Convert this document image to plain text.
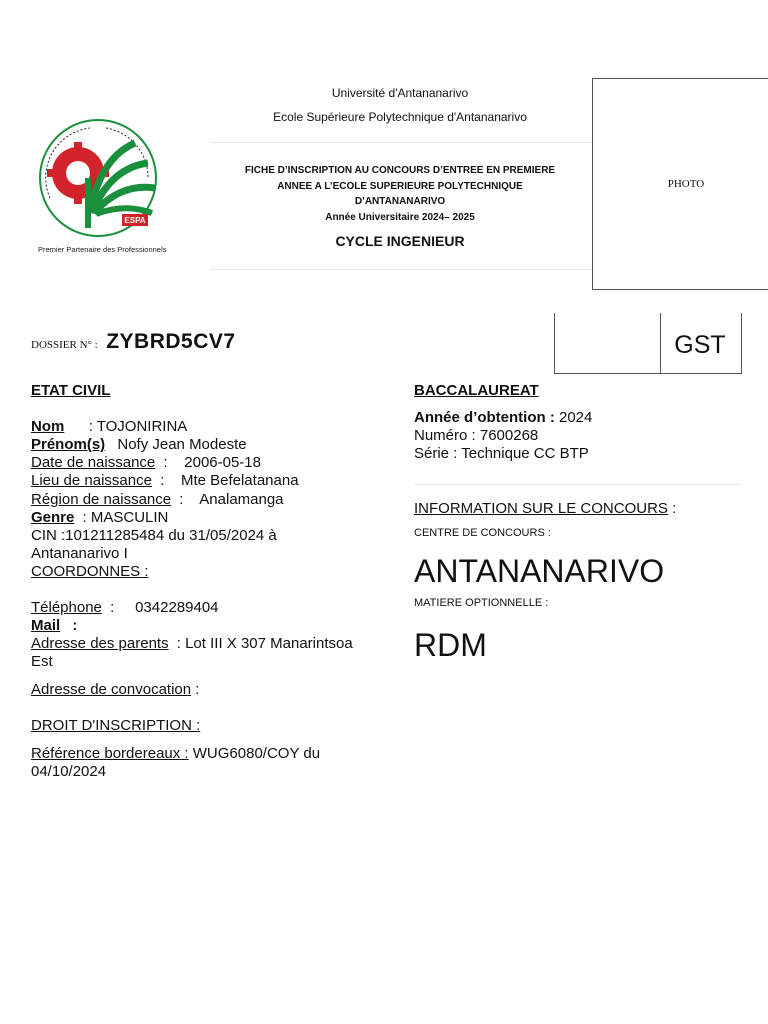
ESPA
Premier Partenaire des Professionnels
Université d'Antananarivo
Ecole Supérieure Polytechnique d'Antananarivo
FICHE D’INSCRIPTION AU CONCOURS D’ENTREE EN PREMIERE
ANNEE A L’ECOLE SUPERIEURE POLYTECHNIQUE
D’ANTANANARIVO
Année Universitaire 2024– 2025
CYCLE INGENIEUR
PHOTO
DOSSIER N° : ZYBRD5CV7	GST
ETAT CIVIL
Nom : TOJONIRINA
Prénom(s) Nofy Jean Modeste
Date de naissance :    2006-05-18
Lieu de naissance :    Mte Befelatanana
Région de naissance :    Analamanga
Genre : MASCULIN
CIN :101211285484 du 31/05/2024 à
Antananarivo I
COORDONNES :
Téléphone :     0342289404
Mail :
Adresse des parents : Lot III X 307 Manarintsoa
Est
Adresse de convocation :
DROIT D'INSCRIPTION :
Référence bordereaux : WUG6080/COY du
04/10/2024
BACCALAUREAT
Année d’obtention : 2024
Numéro : 7600268
Série : Technique CC BTP
INFORMATION SUR LE CONCOURS :
CENTRE DE CONCOURS :
ANTANANARIVO
MATIERE OPTIONNELLE :
RDM
